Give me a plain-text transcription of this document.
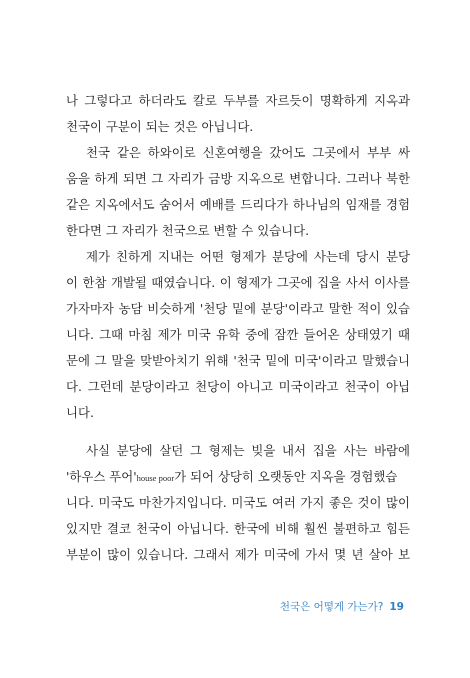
나 그렇다고 하더라도 칼로 두부를 자르듯이 명확하게 지옥과
천국이 구분이 되는 것은 아닙니다.
천국 같은 하와이로 신혼여행을 갔어도 그곳에서 부부 싸
움을 하게 되면 그 자리가 금방 지옥으로 변합니다. 그러나 북한
같은 지옥에서도 숨어서 예배를 드리다가 하나님의 임재를 경험
한다면 그 자리가 천국으로 변할 수 있습니다.
제가 친하게 지내는 어떤 형제가 분당에 사는데 당시 분당
이 한참 개발될 때였습니다. 이 형제가 그곳에 집을 사서 이사를
가자마자 농담 비슷하게 '천당 밑에 분당'이라고 말한 적이 있습
니다. 그때 마침 제가 미국 유학 중에 잠깐 들어온 상태였기 때
문에 그 말을 맞받아치기 위해 '천국 밑에 미국'이라고 말했습니
다. 그런데 분당이라고 천당이 아니고 미국이라고 천국이 아닙
니다.
사실 분당에 살던 그 형제는 빚을 내서 집을 사는 바람에
'하우스 푸어'house poor가 되어 상당히 오랫동안 지옥을 경험했습
니다. 미국도 마찬가지입니다. 미국도 여러 가지 좋은 것이 많이
있지만 결코 천국이 아닙니다. 한국에 비해 훨씬 불편하고 힘든
부분이 많이 있습니다. 그래서 제가 미국에 가서 몇 년 살아 보
천국은 어떻게 가는가? 19
